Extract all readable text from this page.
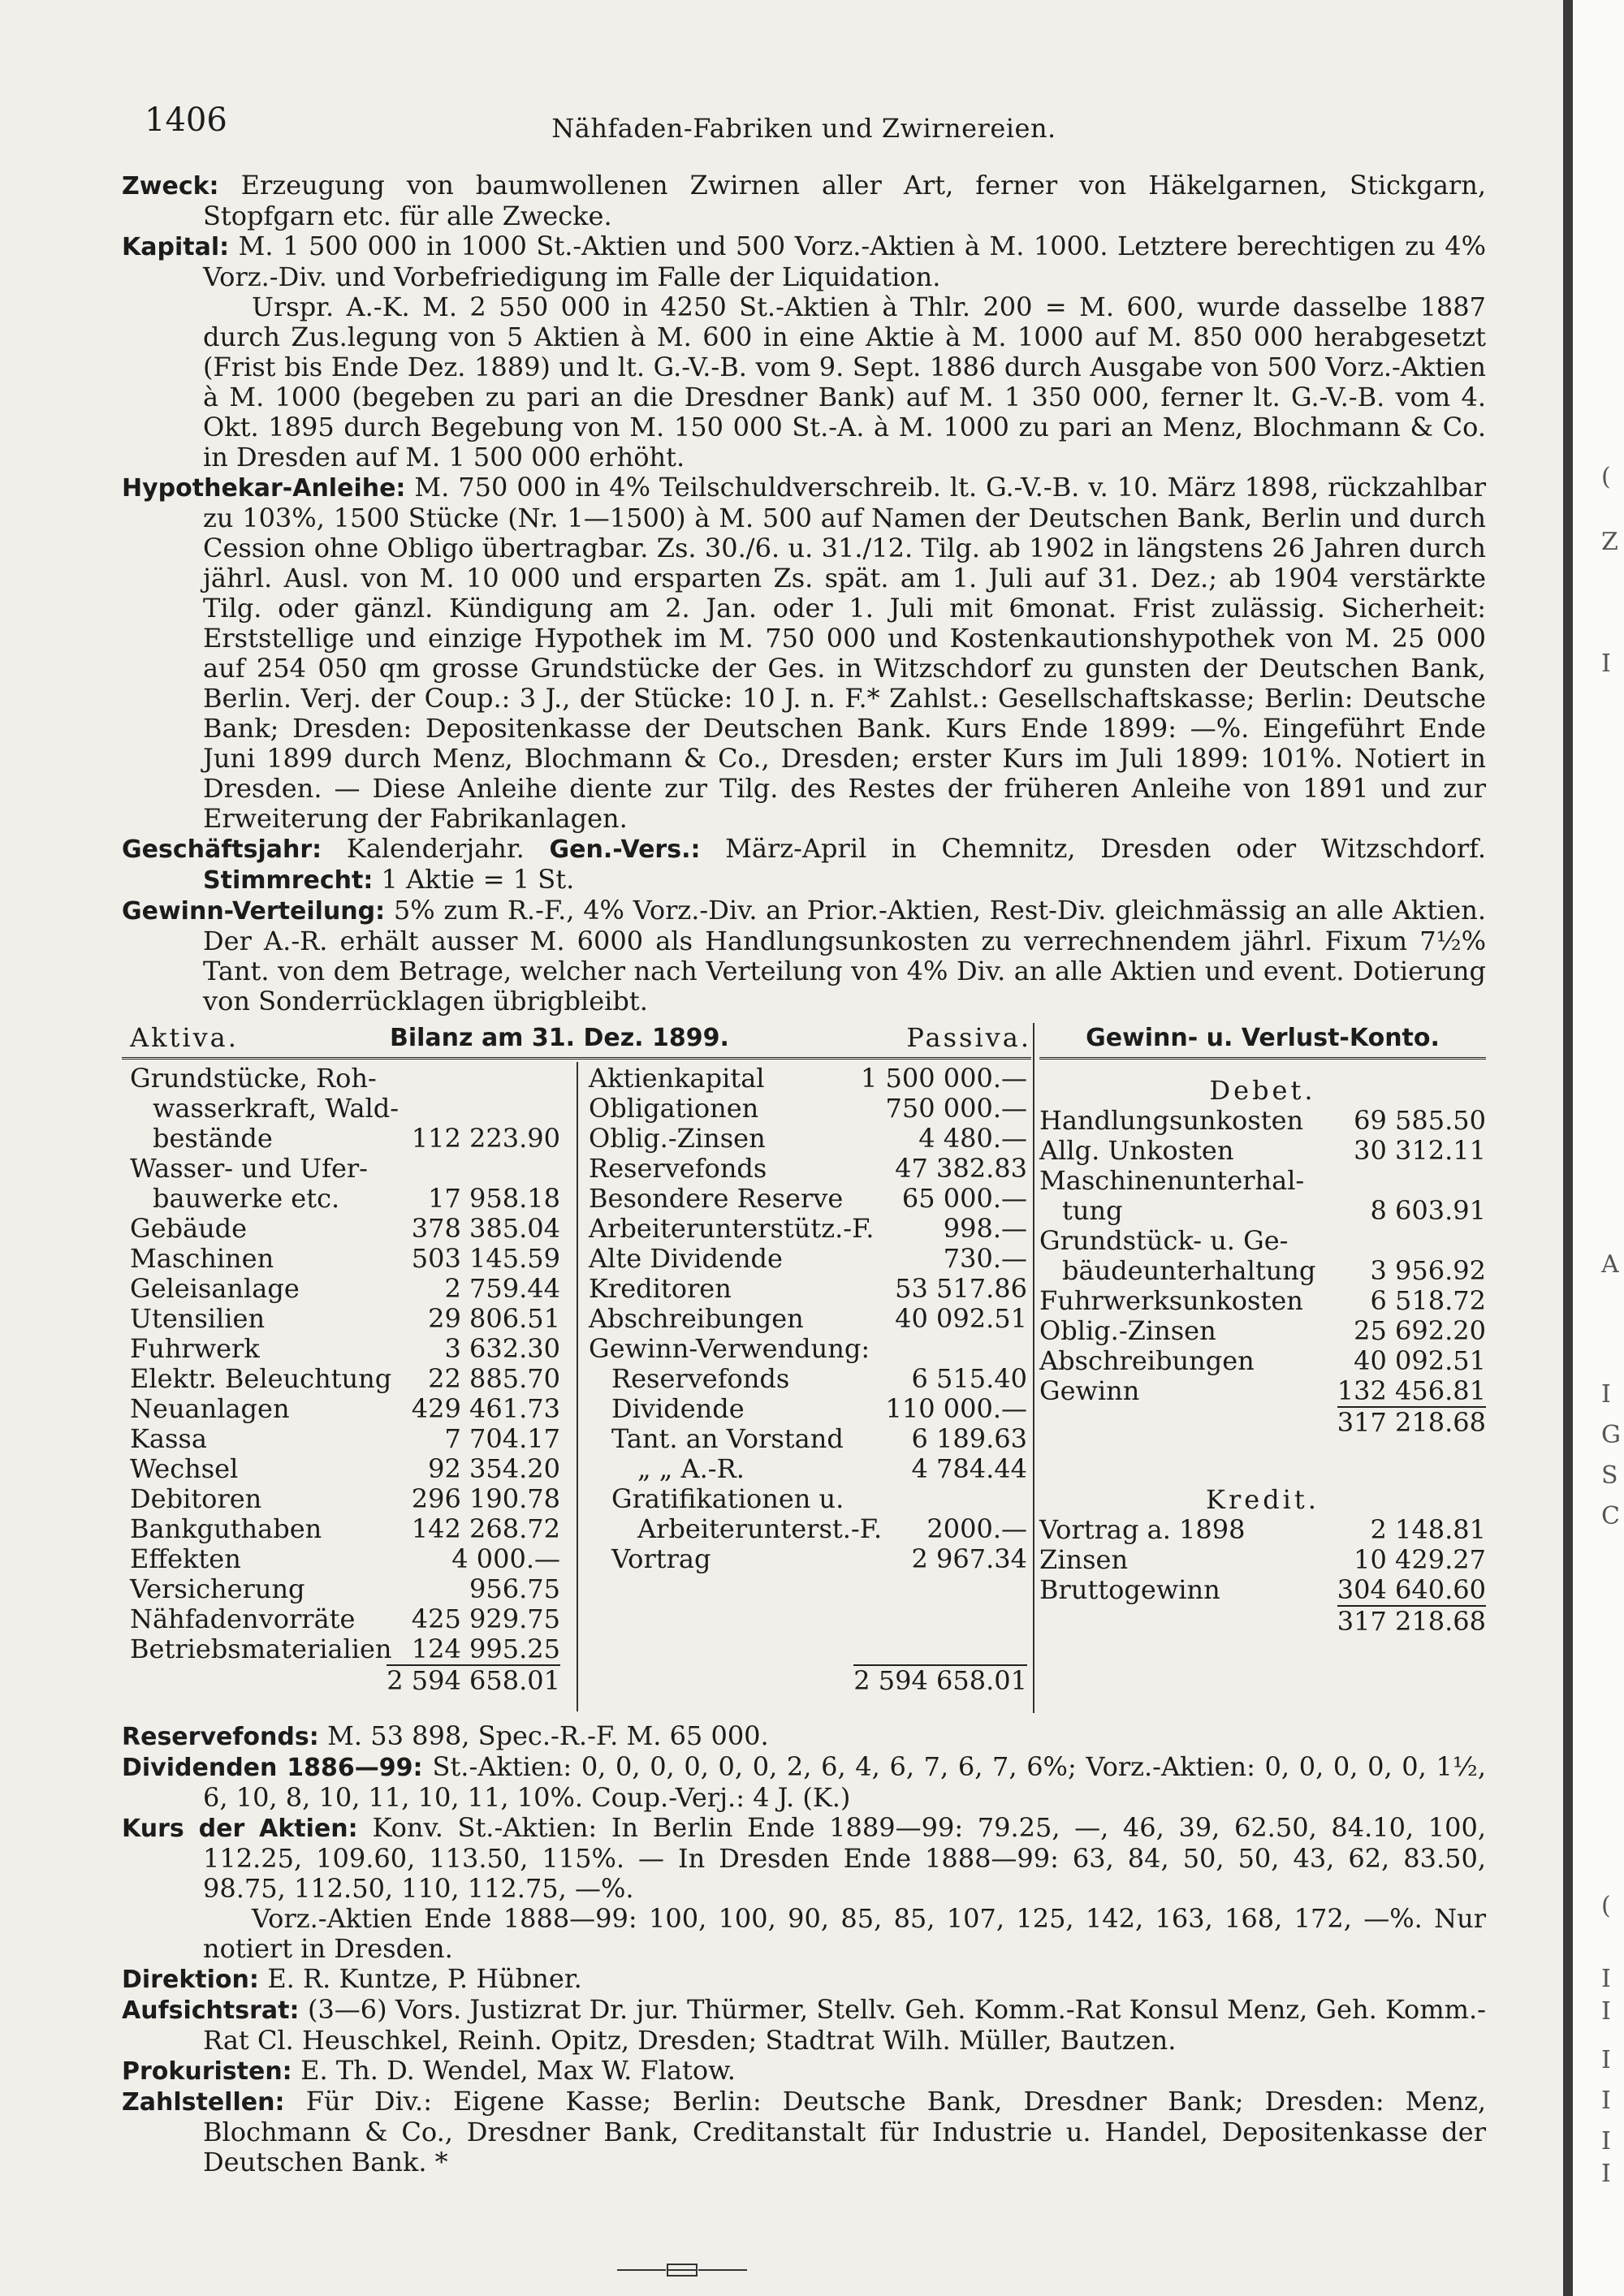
(
Z
I
A
I
G
S
C
(
I
I
I
I
I
I
1406	Nähfaden-Fabriken und Zwirnereien.

Zweck: Erzeugung von baumwollenen Zwirnen aller Art, ferner von Häkelgarnen, Stickgarn, Stopfgarn etc. für alle Zwecke.

Kapital: M. 1 500 000 in 1000 St.-Aktien und 500 Vorz.-Aktien à M. 1000. Letztere berechtigen zu 4% Vorz.-Div. und Vorbefriedigung im Falle der Liquidation.

Urspr. A.-K. M. 2 550 000 in 4250 St.-Aktien à Thlr. 200 = M. 600, wurde dasselbe 1887 durch Zus.legung von 5 Aktien à M. 600 in eine Aktie à M. 1000 auf M. 850 000 herabgesetzt (Frist bis Ende Dez. 1889) und lt. G.-V.-B. vom 9. Sept. 1886 durch Ausgabe von 500 Vorz.-Aktien à M. 1000 (begeben zu pari an die Dresdner Bank) auf M. 1 350 000, ferner lt. G.-V.-B. vom 4. Okt. 1895 durch Begebung von M. 150 000 St.-A. à M. 1000 zu pari an Menz, Blochmann & Co. in Dresden auf M. 1 500 000 erhöht.

Hypothekar-Anleihe: M. 750 000 in 4% Teilschuldverschreib. lt. G.-V.-B. v. 10. März 1898, rückzahlbar zu 103%, 1500 Stücke (Nr. 1—1500) à M. 500 auf Namen der Deutschen Bank, Berlin und durch Cession ohne Obligo übertragbar. Zs. 30./6. u. 31./12. Tilg. ab 1902 in längstens 26 Jahren durch jährl. Ausl. von M. 10 000 und ersparten Zs. spät. am 1. Juli auf 31. Dez.; ab 1904 verstärkte Tilg. oder gänzl. Kündigung am 2. Jan. oder 1. Juli mit 6monat. Frist zulässig. Sicherheit: Erststellige und einzige Hypothek im M. 750 000 und Kostenkautionshypothek von M. 25 000 auf 254 050 qm grosse Grundstücke der Ges. in Witzschdorf zu gunsten der Deutschen Bank, Berlin. Verj. der Coup.: 3 J., der Stücke: 10 J. n. F.* Zahlst.: Gesellschaftskasse; Berlin: Deutsche Bank; Dresden: Depositenkasse der Deutschen Bank. Kurs Ende 1899: —%. Eingeführt Ende Juni 1899 durch Menz, Blochmann & Co., Dresden; erster Kurs im Juli 1899: 101%. Notiert in Dresden. — Diese Anleihe diente zur Tilg. des Restes der früheren Anleihe von 1891 und zur Erweiterung der Fabrikanlagen.

Geschäftsjahr: Kalenderjahr. Gen.-Vers.: März-April in Chemnitz, Dresden oder Witzschdorf. Stimmrecht: 1 Aktie = 1 St.

Gewinn-Verteilung: 5% zum R.-F., 4% Vorz.-Div. an Prior.-Aktien, Rest-Div. gleichmässig an alle Aktien. Der A.-R. erhält ausser M. 6000 als Handlungsunkosten zu verrechnendem jährl. Fixum 7½% Tant. von dem Betrage, welcher nach Verteilung von 4% Div. an alle Aktien und event. Dotierung von Sonderrücklagen übrigbleibt.

Aktiva.	Bilanz am 31. Dez. 1899.	Passiva.
Grundstücke, Roh-
wasserkraft, Wald-
bestände	112 223.90
Wasser- und Ufer-
bauwerke etc.	17 958.18
Gebäude	378 385.04
Maschinen	503 145.59
Geleisanlage	2 759.44
Utensilien	29 806.51
Fuhrwerk	3 632.30
Elektr. Beleuchtung 22 885.70
Neuanlagen	429 461.73
Kassa	7 704.17
Wechsel	92 354.20
Debitoren	296 190.78
Bankguthaben	142 268.72
Effekten	4 000.—
Versicherung	956.75
Nähfadenvorräte 425 929.75
Betriebsmaterialien 124 995.25
2 594 658.01
Aktienkapital	1 500 000.—
Obligationen	750 000.—
Oblig.-Zinsen	4 480.—
Reservefonds	47 382.83
Besondere Reserve 65 000.—
Arbeiterunterstütz.-F.	998.—
Alte Dividende	730.—
Kreditoren	53 517.86
Abschreibungen	40 092.51
Gewinn-Verwendung:
Reservefonds	6 515.40
Dividende	110 000.—
Tant. an Vorstand	6 189.63
„ „ A.-R.	4 784.44
Gratifikationen u.
Arbeiterunterst.-F.	2000.—
Vortrag	2 967.34
2 594 658.01
Gewinn- u. Verlust-Konto.
Debet.
Handlungsunkosten 69 585.50
Allg. Unkosten	30 312.11
Maschinenunterhal-
tung	8 603.91
Grundstück- u. Ge-
bäudeunterhaltung 3 956.92
Fuhrwerksunkosten	6 518.72
Oblig.-Zinsen	25 692.20
Abschreibungen	40 092.51
Gewinn	132 456.81
317 218.68
Kredit.
Vortrag a. 1898	2 148.81
Zinsen	10 429.27
Bruttogewinn	304 640.60
317 218.68

Reservefonds: M. 53 898, Spec.-R.-F. M. 65 000.

Dividenden 1886—99: St.-Aktien: 0, 0, 0, 0, 0, 0, 2, 6, 4, 6, 7, 6, 7, 6%; Vorz.-Aktien: 0, 0, 0, 0, 0, 1½, 6, 10, 8, 10, 11, 10, 11, 10%. Coup.-Verj.: 4 J. (K.)

Kurs der Aktien: Konv. St.-Aktien: In Berlin Ende 1889—99: 79.25, —, 46, 39, 62.50, 84.10, 100, 112.25, 109.60, 113.50, 115%. — In Dresden Ende 1888—99: 63, 84, 50, 50, 43, 62, 83.50, 98.75, 112.50, 110, 112.75, —%.

Vorz.-Aktien Ende 1888—99: 100, 100, 90, 85, 85, 107, 125, 142, 163, 168, 172, —%. Nur notiert in Dresden.

Direktion: E. R. Kuntze, P. Hübner.

Aufsichtsrat: (3—6) Vors. Justizrat Dr. jur. Thürmer, Stellv. Geh. Komm.-Rat Konsul Menz, Geh. Komm.-Rat Cl. Heuschkel, Reinh. Opitz, Dresden; Stadtrat Wilh. Müller, Bautzen.

Prokuristen: E. Th. D. Wendel, Max W. Flatow.

Zahlstellen: Für Div.: Eigene Kasse; Berlin: Deutsche Bank, Dresdner Bank; Dresden: Menz, Blochmann & Co., Dresdner Bank, Creditanstalt für Industrie u. Handel, Depositenkasse der Deutschen Bank. *
